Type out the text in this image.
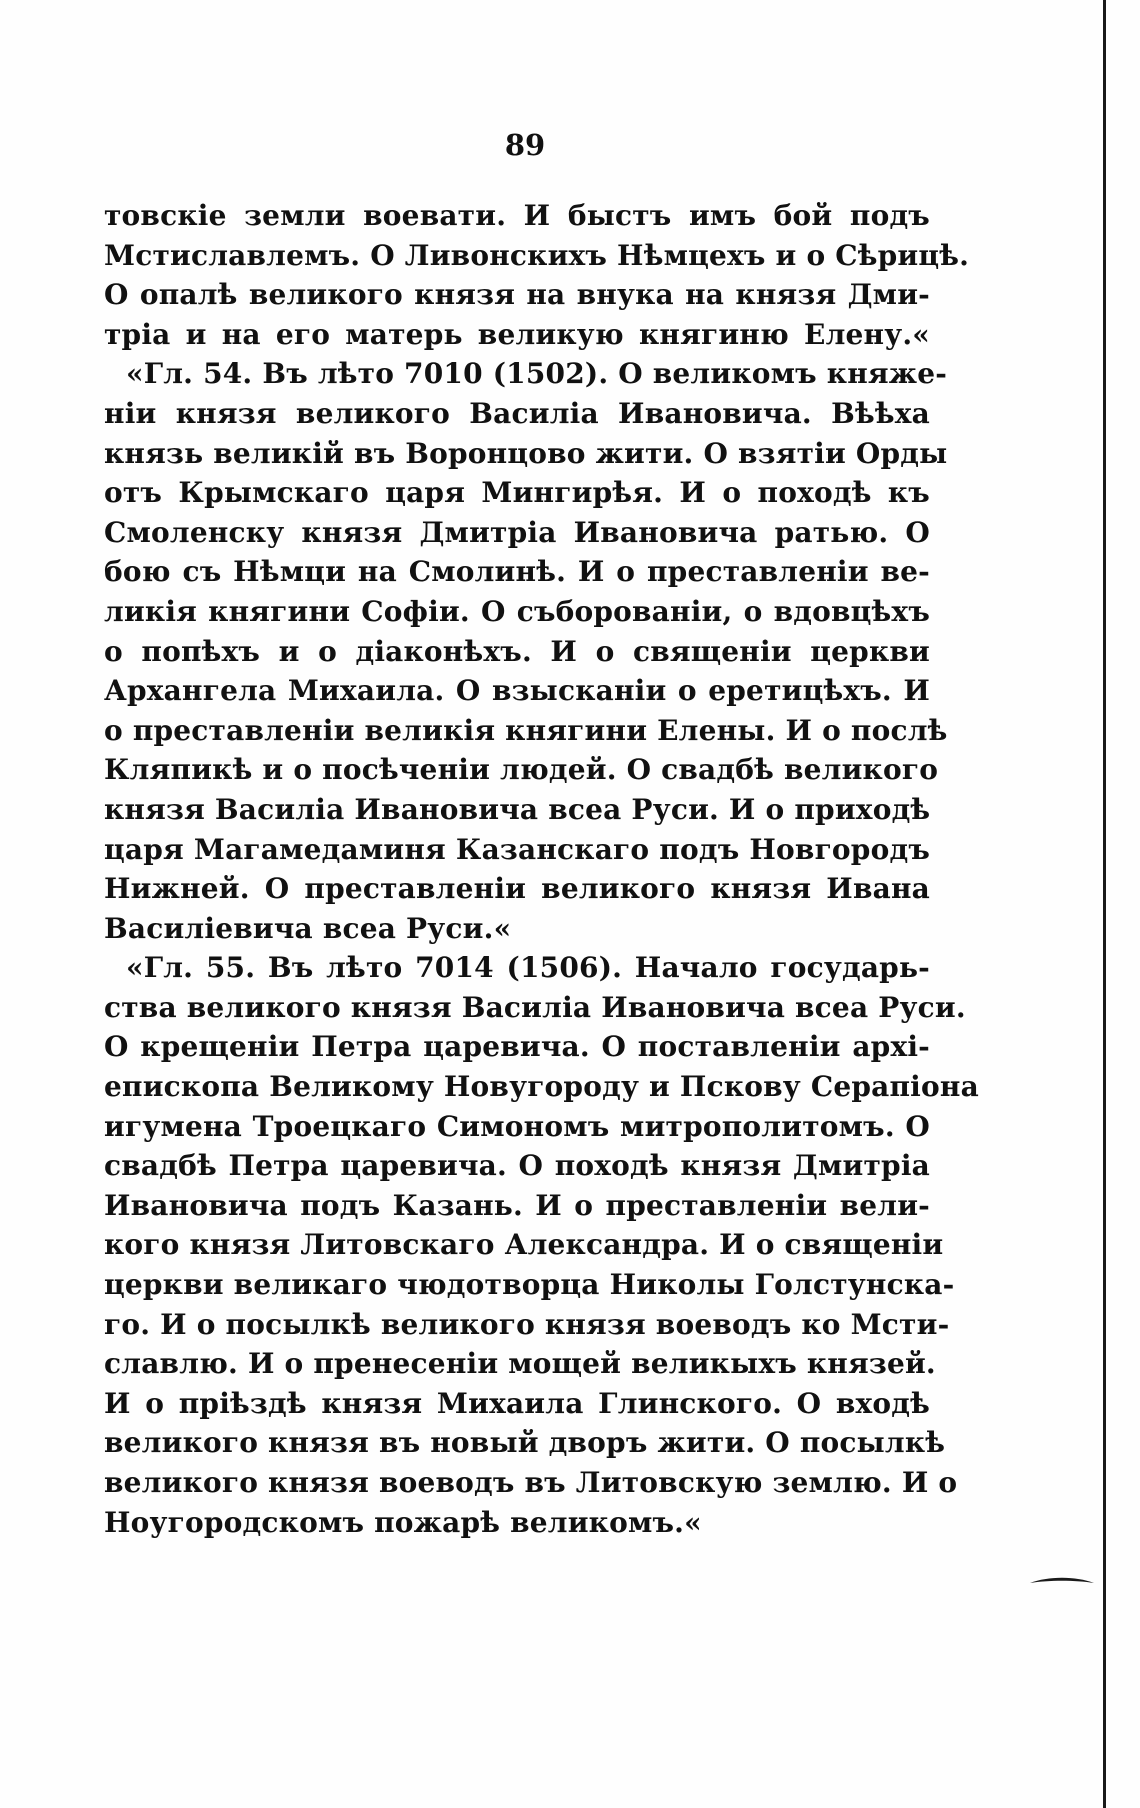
89
товскіе земли воевати. И быстъ имъ бой подъ
Мстиславлемъ. О Ливонскихъ Нѣмцехъ и о Сѣрицѣ.
О опалѣ великого князя на внука на князя Дми-
тріа и на его матерь великую княгиню Елену.«
«Гл. 54. Въ лѣто 7010 (1502). О великомъ княже-
ніи князя великого Василіа Ивановича. Вѣѣха
князь великій въ Воронцово жити. О взятіи Орды
отъ Крымскаго царя Мингирѣя. И о походѣ къ
Смоленску князя Дмитріа Ивановича ратью. О
бою съ Нѣмци на Смолинѣ. И о преставленіи ве-
ликія княгини Софіи. О съборованіи, о вдовцѣхъ
о попѣхъ и о діаконѣхъ. И о священіи церкви
Архангела Михаила. О взысканіи о еретицѣхъ. И
о преставленіи великія княгини Елены. И о послѣ
Кляпикѣ и о посѣченіи людей. О свадбѣ великого
князя Василіа Ивановича всеа Руси. И о приходѣ
царя Магамедаминя Казанскаго подъ Новгородъ
Нижней. О преставленіи великого князя Ивана
Василіевича всеа Руси.«
«Гл. 55. Въ лѣто 7014 (1506). Начало государь-
ства великого князя Василіа Ивановича всеа Руси.
О крещеніи Петра царевича. О поставленіи архі-
епископа Великому Новугороду и Пскову Серапіона
игумена Троецкаго Симономъ митрополитомъ. О
свадбѣ Петра царевича. О походѣ князя Дмитріа
Ивановича подъ Казань. И о преставленіи вели-
кого князя Литовскаго Александра. И о священіи
церкви великаго чюдотворца Николы Голстунска-
го. И о посылкѣ великого князя воеводъ ко Мсти-
славлю. И о пренесеніи мощей великыхъ князей.
И о пріѣздѣ князя Михаила Глинского. О входѣ
великого князя въ новый дворъ жити. О посылкѣ
великого князя воеводъ въ Литовскую землю. И о
Ноугородскомъ пожарѣ великомъ.«
